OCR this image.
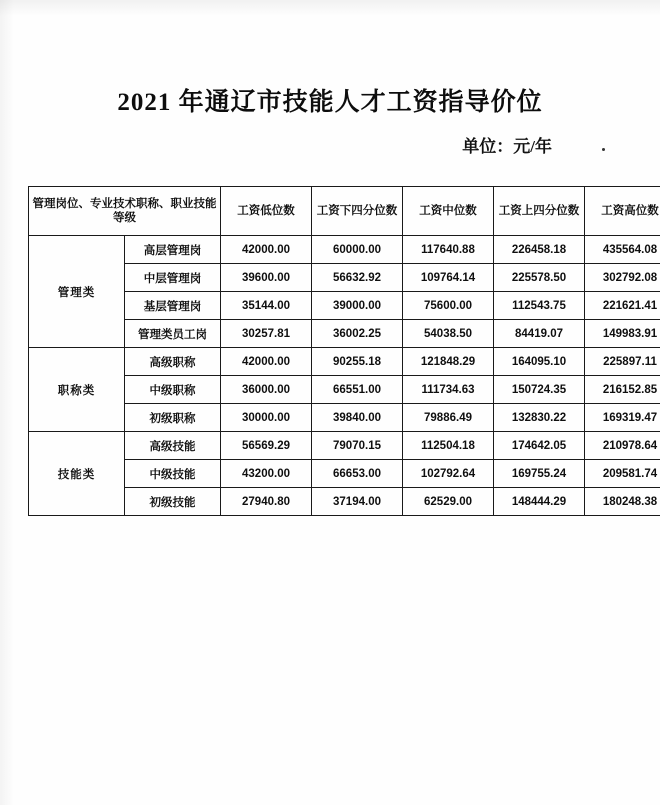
2021 年通辽市技能人才工资指导价位
单位：元/年
管理岗位、专业技术职称、职业技能等级		工资低位数	工资下四分位数	工资中位数	工资上四分位数	工资高位数
管理类	高层管理岗	42000.00	60000.00	117640.88	226458.18	435564.08
	中层管理岗	39600.00	56632.92	109764.14	225578.50	302792.08
	基层管理岗	35144.00	39000.00	75600.00	112543.75	221621.41
	管理类员工岗	30257.81	36002.25	54038.50	84419.07	149983.91
职称类	高级职称	42000.00	90255.18	121848.29	164095.10	225897.11
	中级职称	36000.00	66551.00	111734.63	150724.35	216152.85
	初级职称	30000.00	39840.00	79886.49	132830.22	169319.47
技能类	高级技能	56569.29	79070.15	112504.18	174642.05	210978.64
	中级技能	43200.00	66653.00	102792.64	169755.24	209581.74
	初级技能	27940.80	37194.00	62529.00	148444.29	180248.38
